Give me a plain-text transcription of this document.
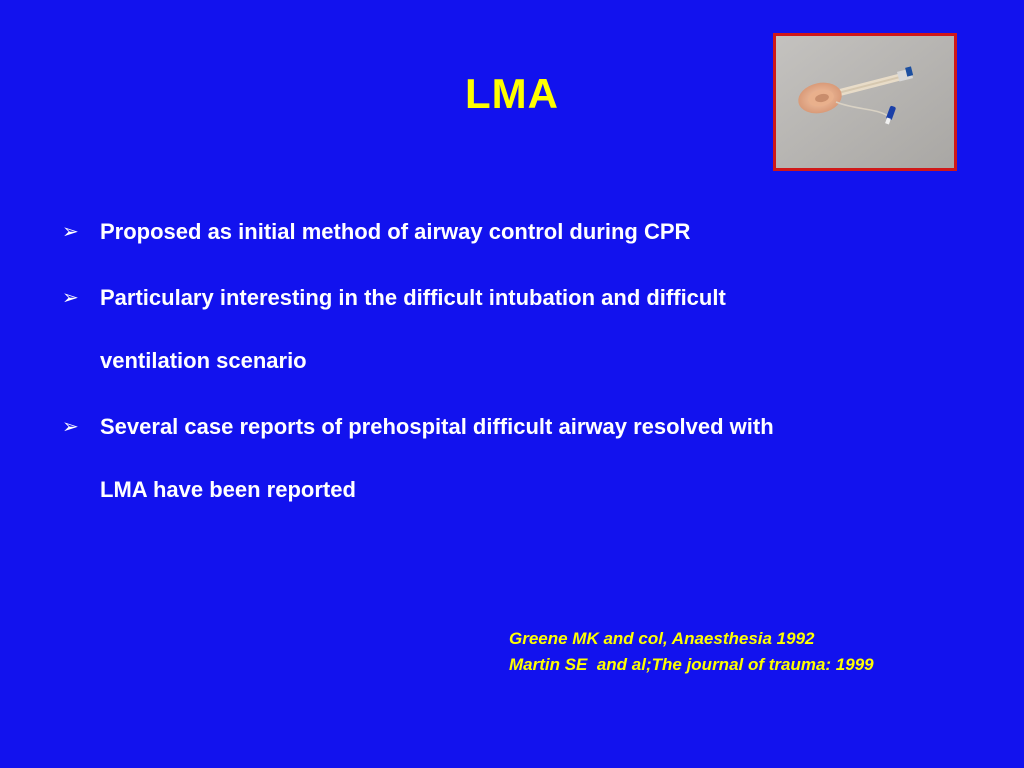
LMA
➢ Proposed as initial method of airway control during CPR
➢ Particulary interesting in the difficult intubation and difficult ventilation scenario
➢ Several case reports of prehospital difficult airway resolved with LMA have been reported
Greene MK and col, Anaesthesia 1992
Martin SE  and al;The journal of trauma: 1999
